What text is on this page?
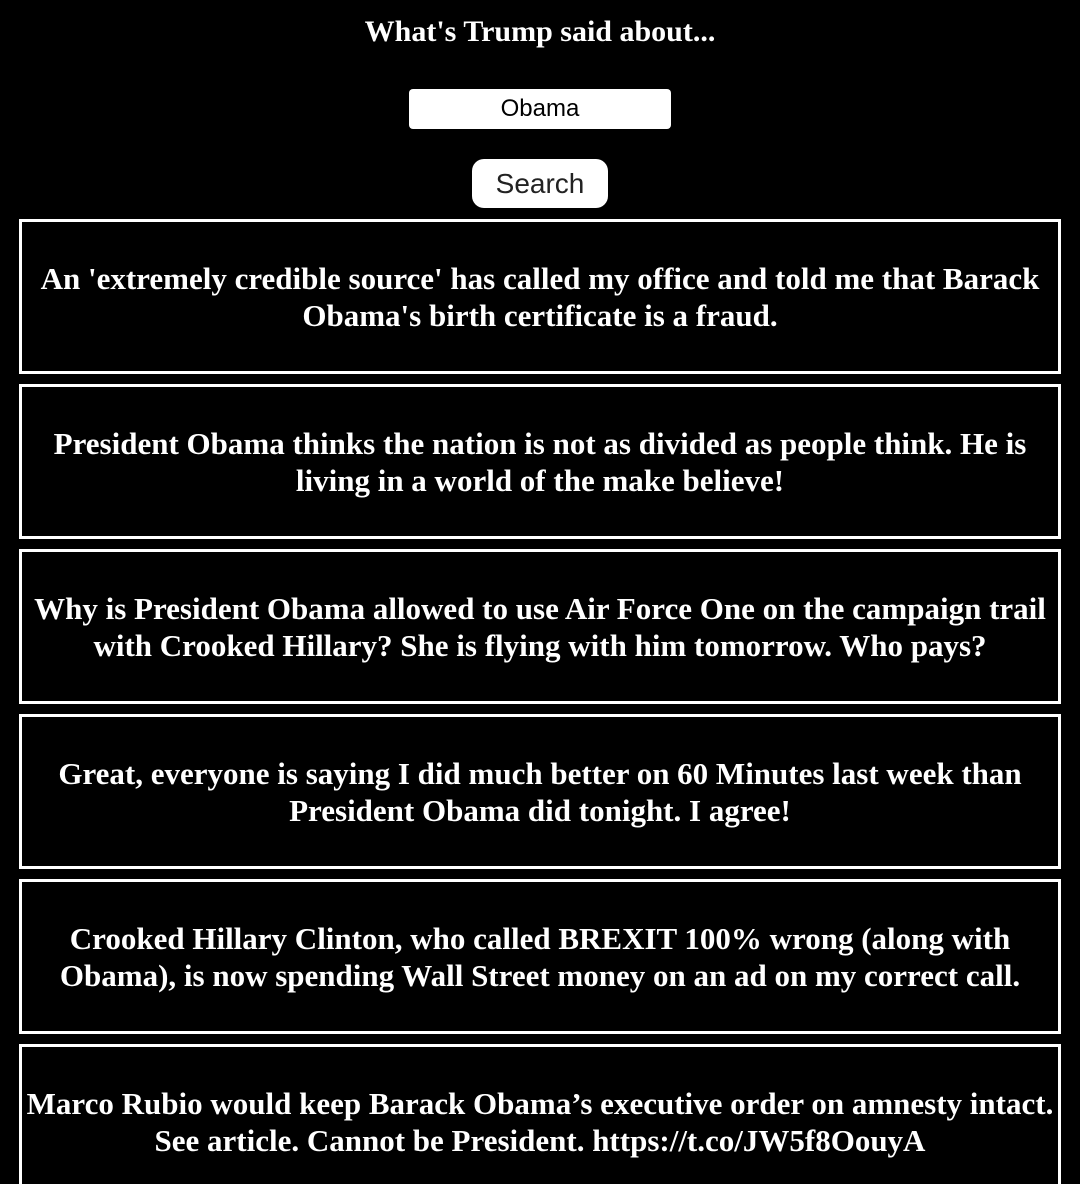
What's Trump said about...
Obama
Search
An 'extremely credible source' has called my office and told me that Barack Obama's birth certificate is a fraud.
President Obama thinks the nation is not as divided as people think. He is living in a world of the make believe!
Why is President Obama allowed to use Air Force One on the campaign trail with Crooked Hillary? She is flying with him tomorrow. Who pays?
Great, everyone is saying I did much better on 60 Minutes last week than President Obama did tonight. I agree!
Crooked Hillary Clinton, who called BREXIT 100% wrong (along with Obama), is now spending Wall Street money on an ad on my correct call.
Marco Rubio would keep Barack Obama’s executive order on amnesty intact. See article. Cannot be President. https://t.co/JW5f8OouyA
